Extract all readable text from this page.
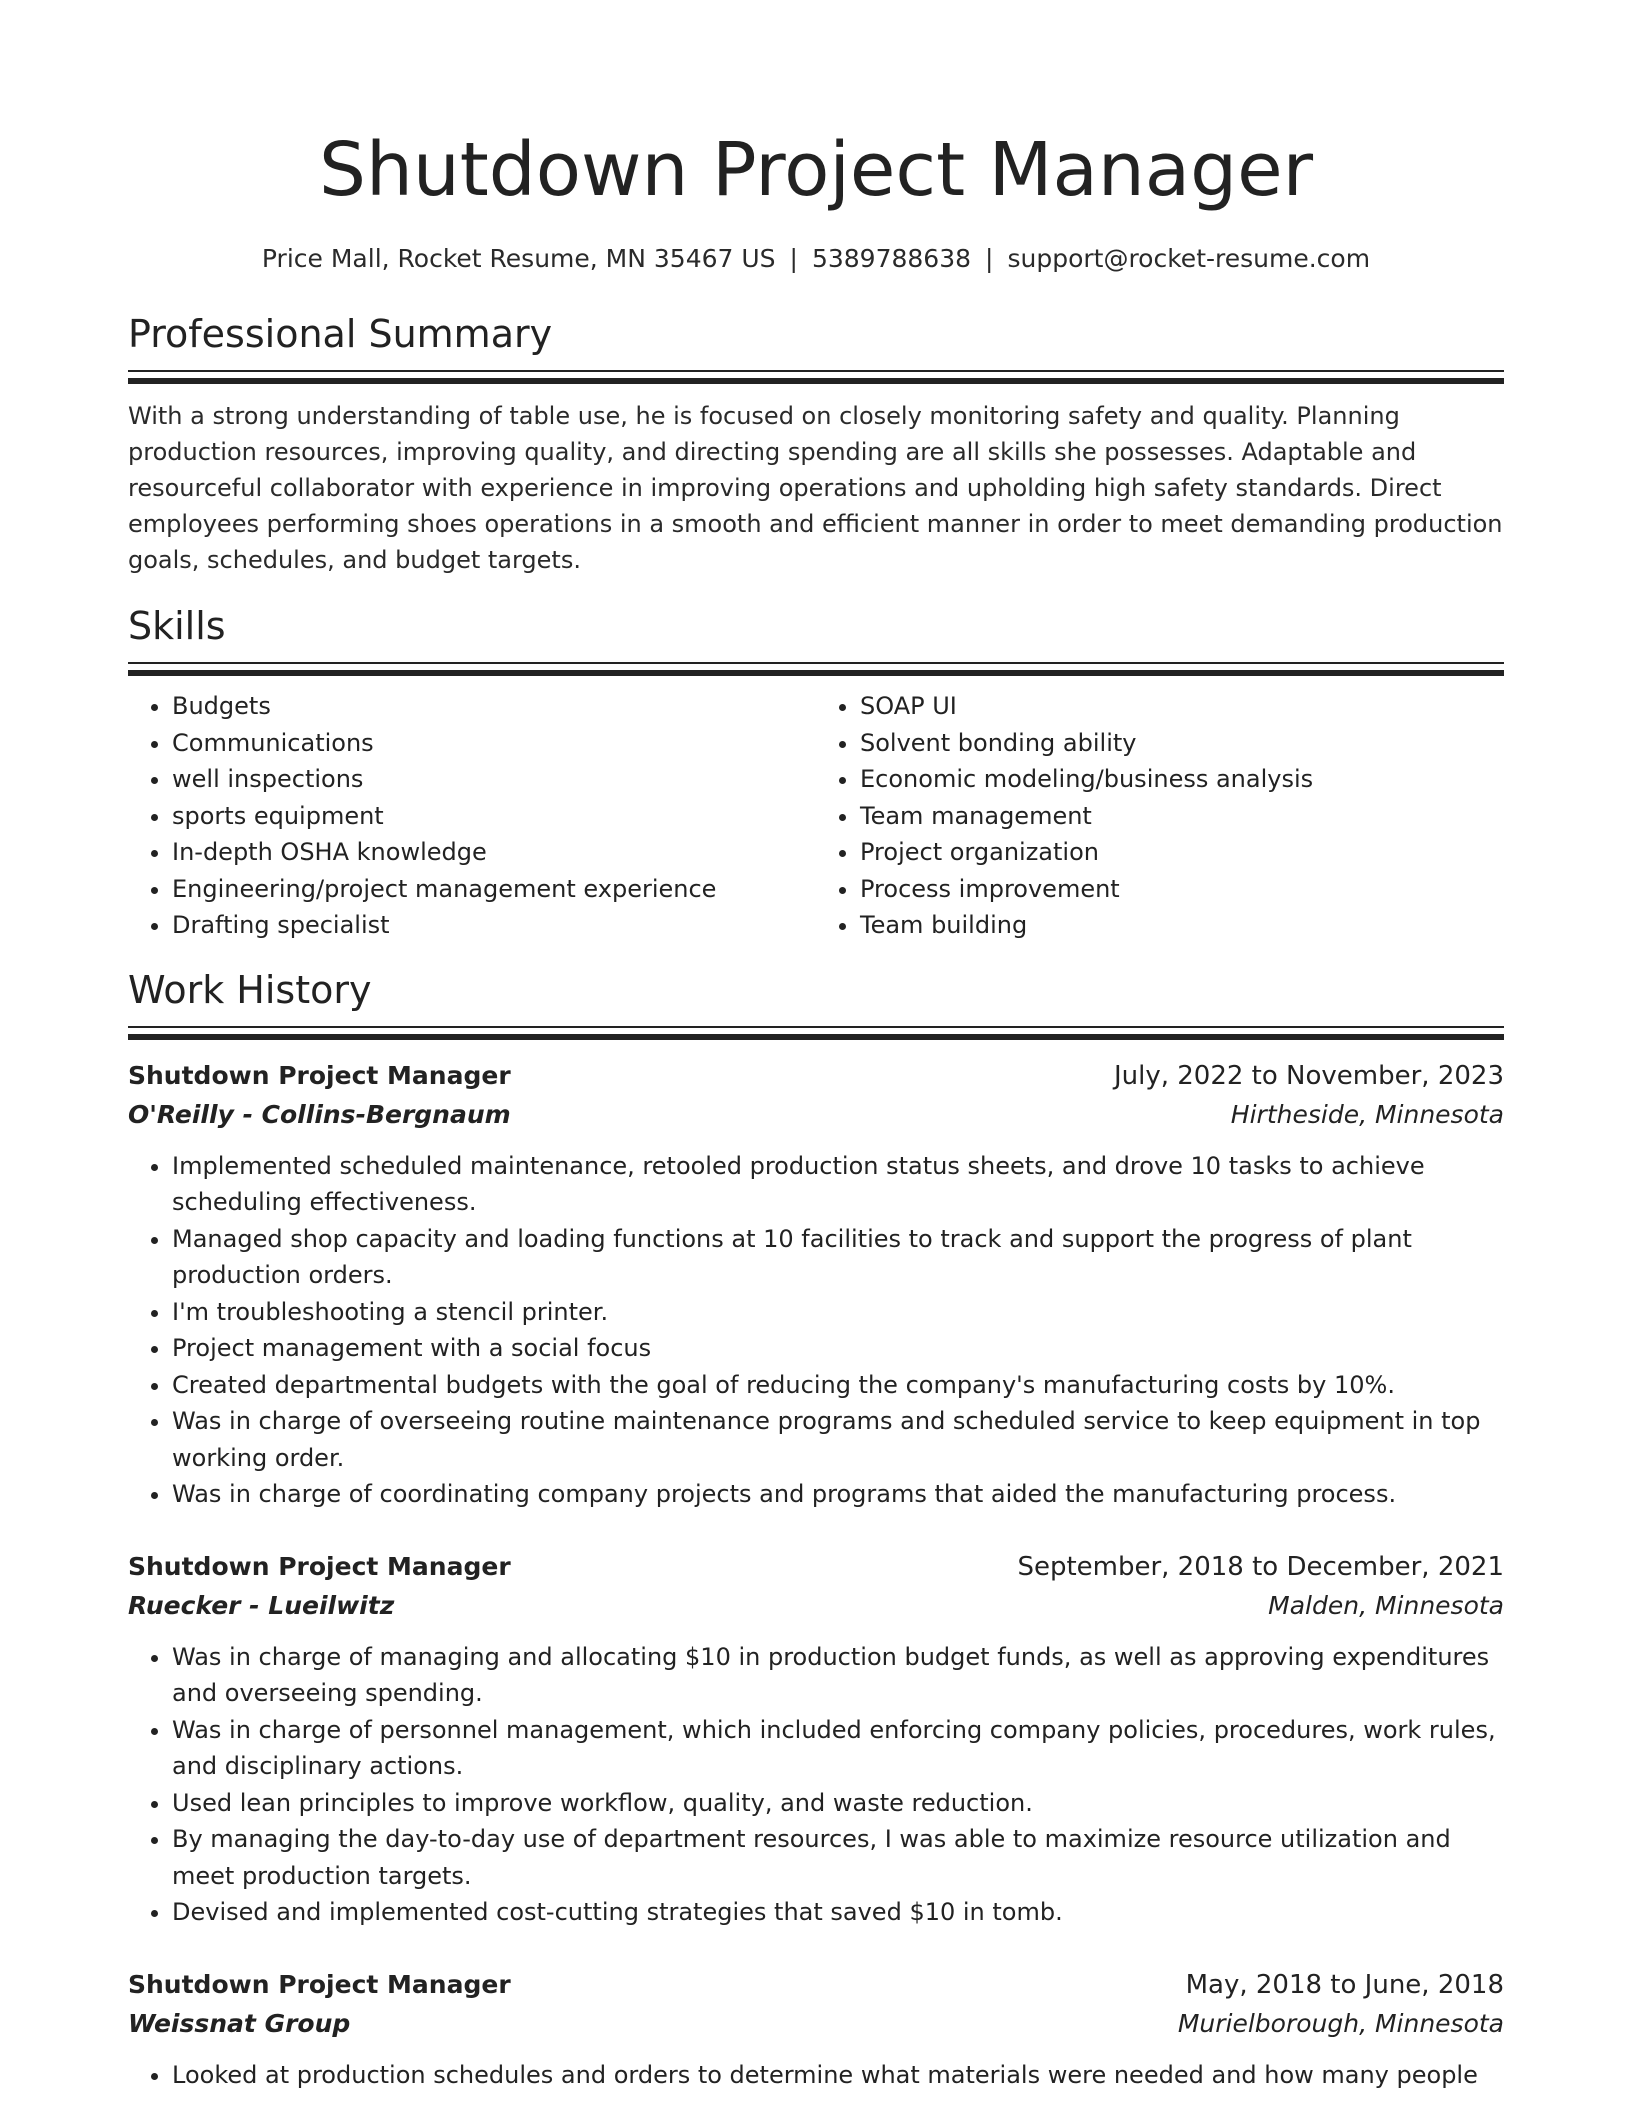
Shutdown Project Manager
Price Mall, Rocket Resume, MN 35467 US | 5389788638 | support@rocket-resume.com
Professional Summary

With a strong understanding of table use, he is focused on closely monitoring safety and quality. Planning production resources, improving quality, and directing spending are all skills she possesses. Adaptable and resourceful collaborator with experience in improving operations and upholding high safety standards. Direct employees performing shoes operations in a smooth and efficient manner in order to meet demanding production goals, schedules, and budget targets.

Skills
• Budgets
• Communications
• well inspections
• sports equipment
• In-depth OSHA knowledge
• Engineering/project management experience
• Drafting specialist
• SOAP UI
• Solvent bonding ability
• Economic modeling/business analysis
• Team management
• Project organization
• Process improvement
• Team building
Work History
Shutdown Project Manager	July, 2022 to November, 2023
O'Reilly - Collins-Bergnaum	Hirtheside, Minnesota
• Implemented scheduled maintenance, retooled production status sheets, and drove 10 tasks to achieve scheduling effectiveness.
• Managed shop capacity and loading functions at 10 facilities to track and support the progress of plant production orders.
• I'm troubleshooting a stencil printer.
• Project management with a social focus
• Created departmental budgets with the goal of reducing the company's manufacturing costs by 10%.
• Was in charge of overseeing routine maintenance programs and scheduled service to keep equipment in top working order.
• Was in charge of coordinating company projects and programs that aided the manufacturing process.
Shutdown Project Manager	September, 2018 to December, 2021
Ruecker - Lueilwitz	Malden, Minnesota
• Was in charge of managing and allocating $10 in production budget funds, as well as approving expenditures and overseeing spending.
• Was in charge of personnel management, which included enforcing company policies, procedures, work rules, and disciplinary actions.
• Used lean principles to improve workflow, quality, and waste reduction.
• By managing the day-to-day use of department resources, I was able to maximize resource utilization and meet production targets.
• Devised and implemented cost-cutting strategies that saved $10 in tomb.
Shutdown Project Manager	May, 2018 to June, 2018
Weissnat Group	Murielborough, Minnesota
• Looked at production schedules and orders to determine what materials were needed and how many people
